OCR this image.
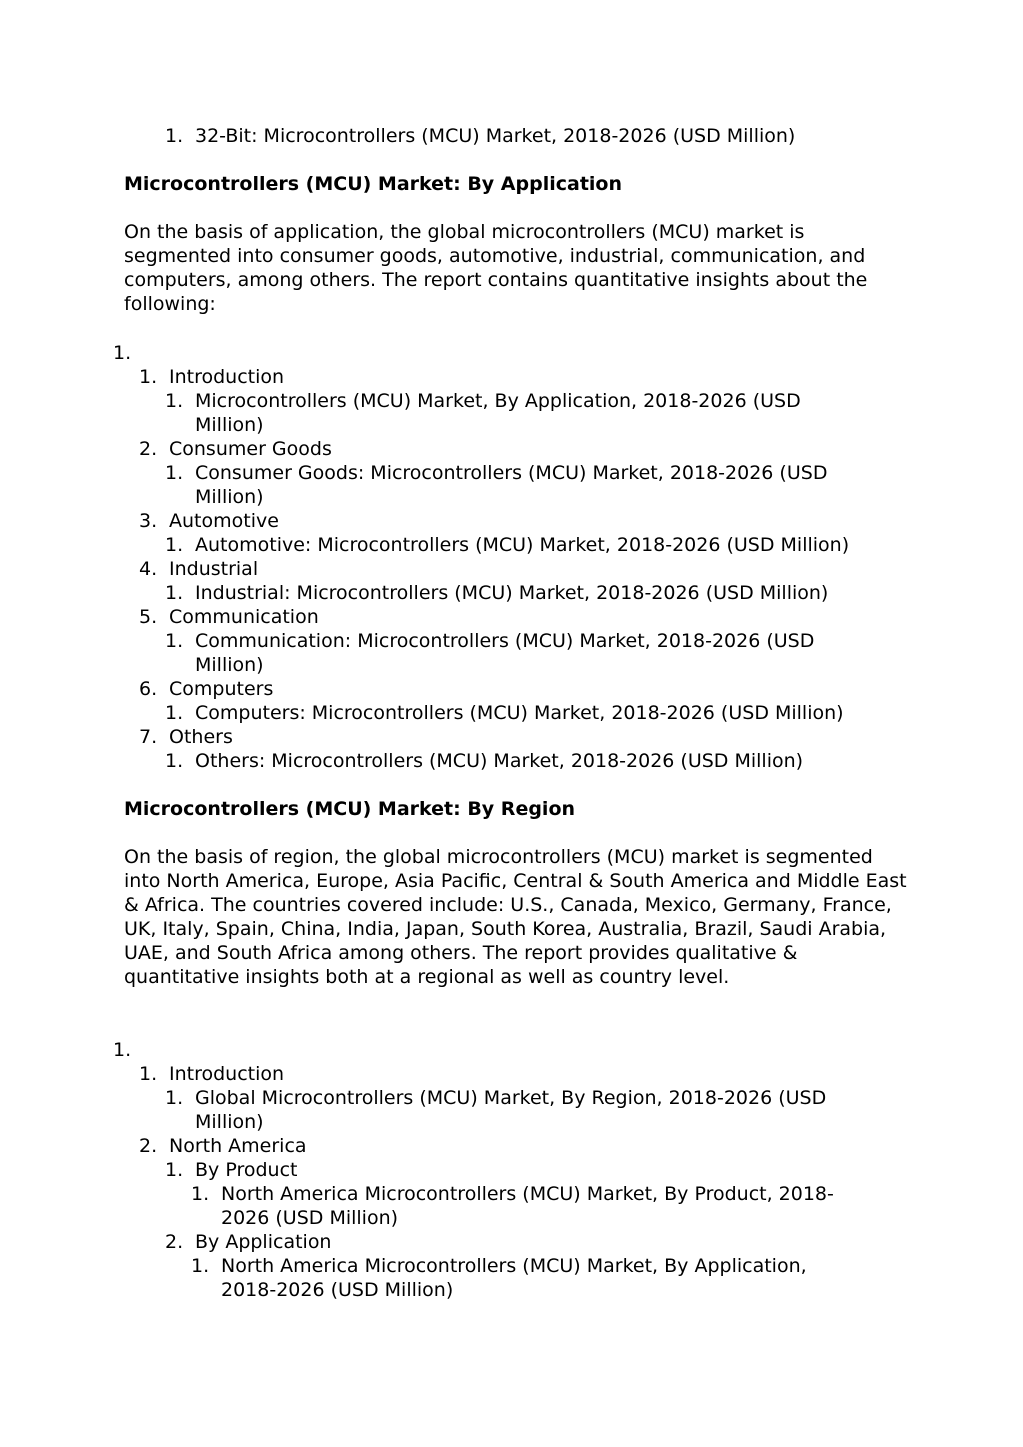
1. 32-Bit: Microcontrollers (MCU) Market, 2018-2026 (USD Million)
Microcontrollers (MCU) Market: By Application
On the basis of application, the global microcontrollers (MCU) market is segmented into consumer goods, automotive, industrial, communication, and computers, among others. The report contains quantitative insights about the following:
1.
1. Introduction
1. Microcontrollers (MCU) Market, By Application, 2018-2026 (USD
Million)
2. Consumer Goods
1. Consumer Goods: Microcontrollers (MCU) Market, 2018-2026 (USD
Million)
3. Automotive
1. Automotive: Microcontrollers (MCU) Market, 2018-2026 (USD Million)
4. Industrial
1. Industrial: Microcontrollers (MCU) Market, 2018-2026 (USD Million)
5. Communication
1. Communication: Microcontrollers (MCU) Market, 2018-2026 (USD
Million)
6. Computers
1. Computers: Microcontrollers (MCU) Market, 2018-2026 (USD Million)
7. Others
1. Others: Microcontrollers (MCU) Market, 2018-2026 (USD Million)
Microcontrollers (MCU) Market: By Region
On the basis of region, the global microcontrollers (MCU) market is segmented into North America, Europe, Asia Pacific, Central & South America and Middle East & Africa. The countries covered include: U.S., Canada, Mexico, Germany, France, UK, Italy, Spain, China, India, Japan, South Korea, Australia, Brazil, Saudi Arabia, UAE, and South Africa among others. The report provides qualitative & quantitative insights both at a regional as well as country level.
1.
1. Introduction
1. Global Microcontrollers (MCU) Market, By Region, 2018-2026 (USD
Million)
2. North America
1. By Product
1. North America Microcontrollers (MCU) Market, By Product, 2018-
2026 (USD Million)
2. By Application
1. North America Microcontrollers (MCU) Market, By Application,
2018-2026 (USD Million)
